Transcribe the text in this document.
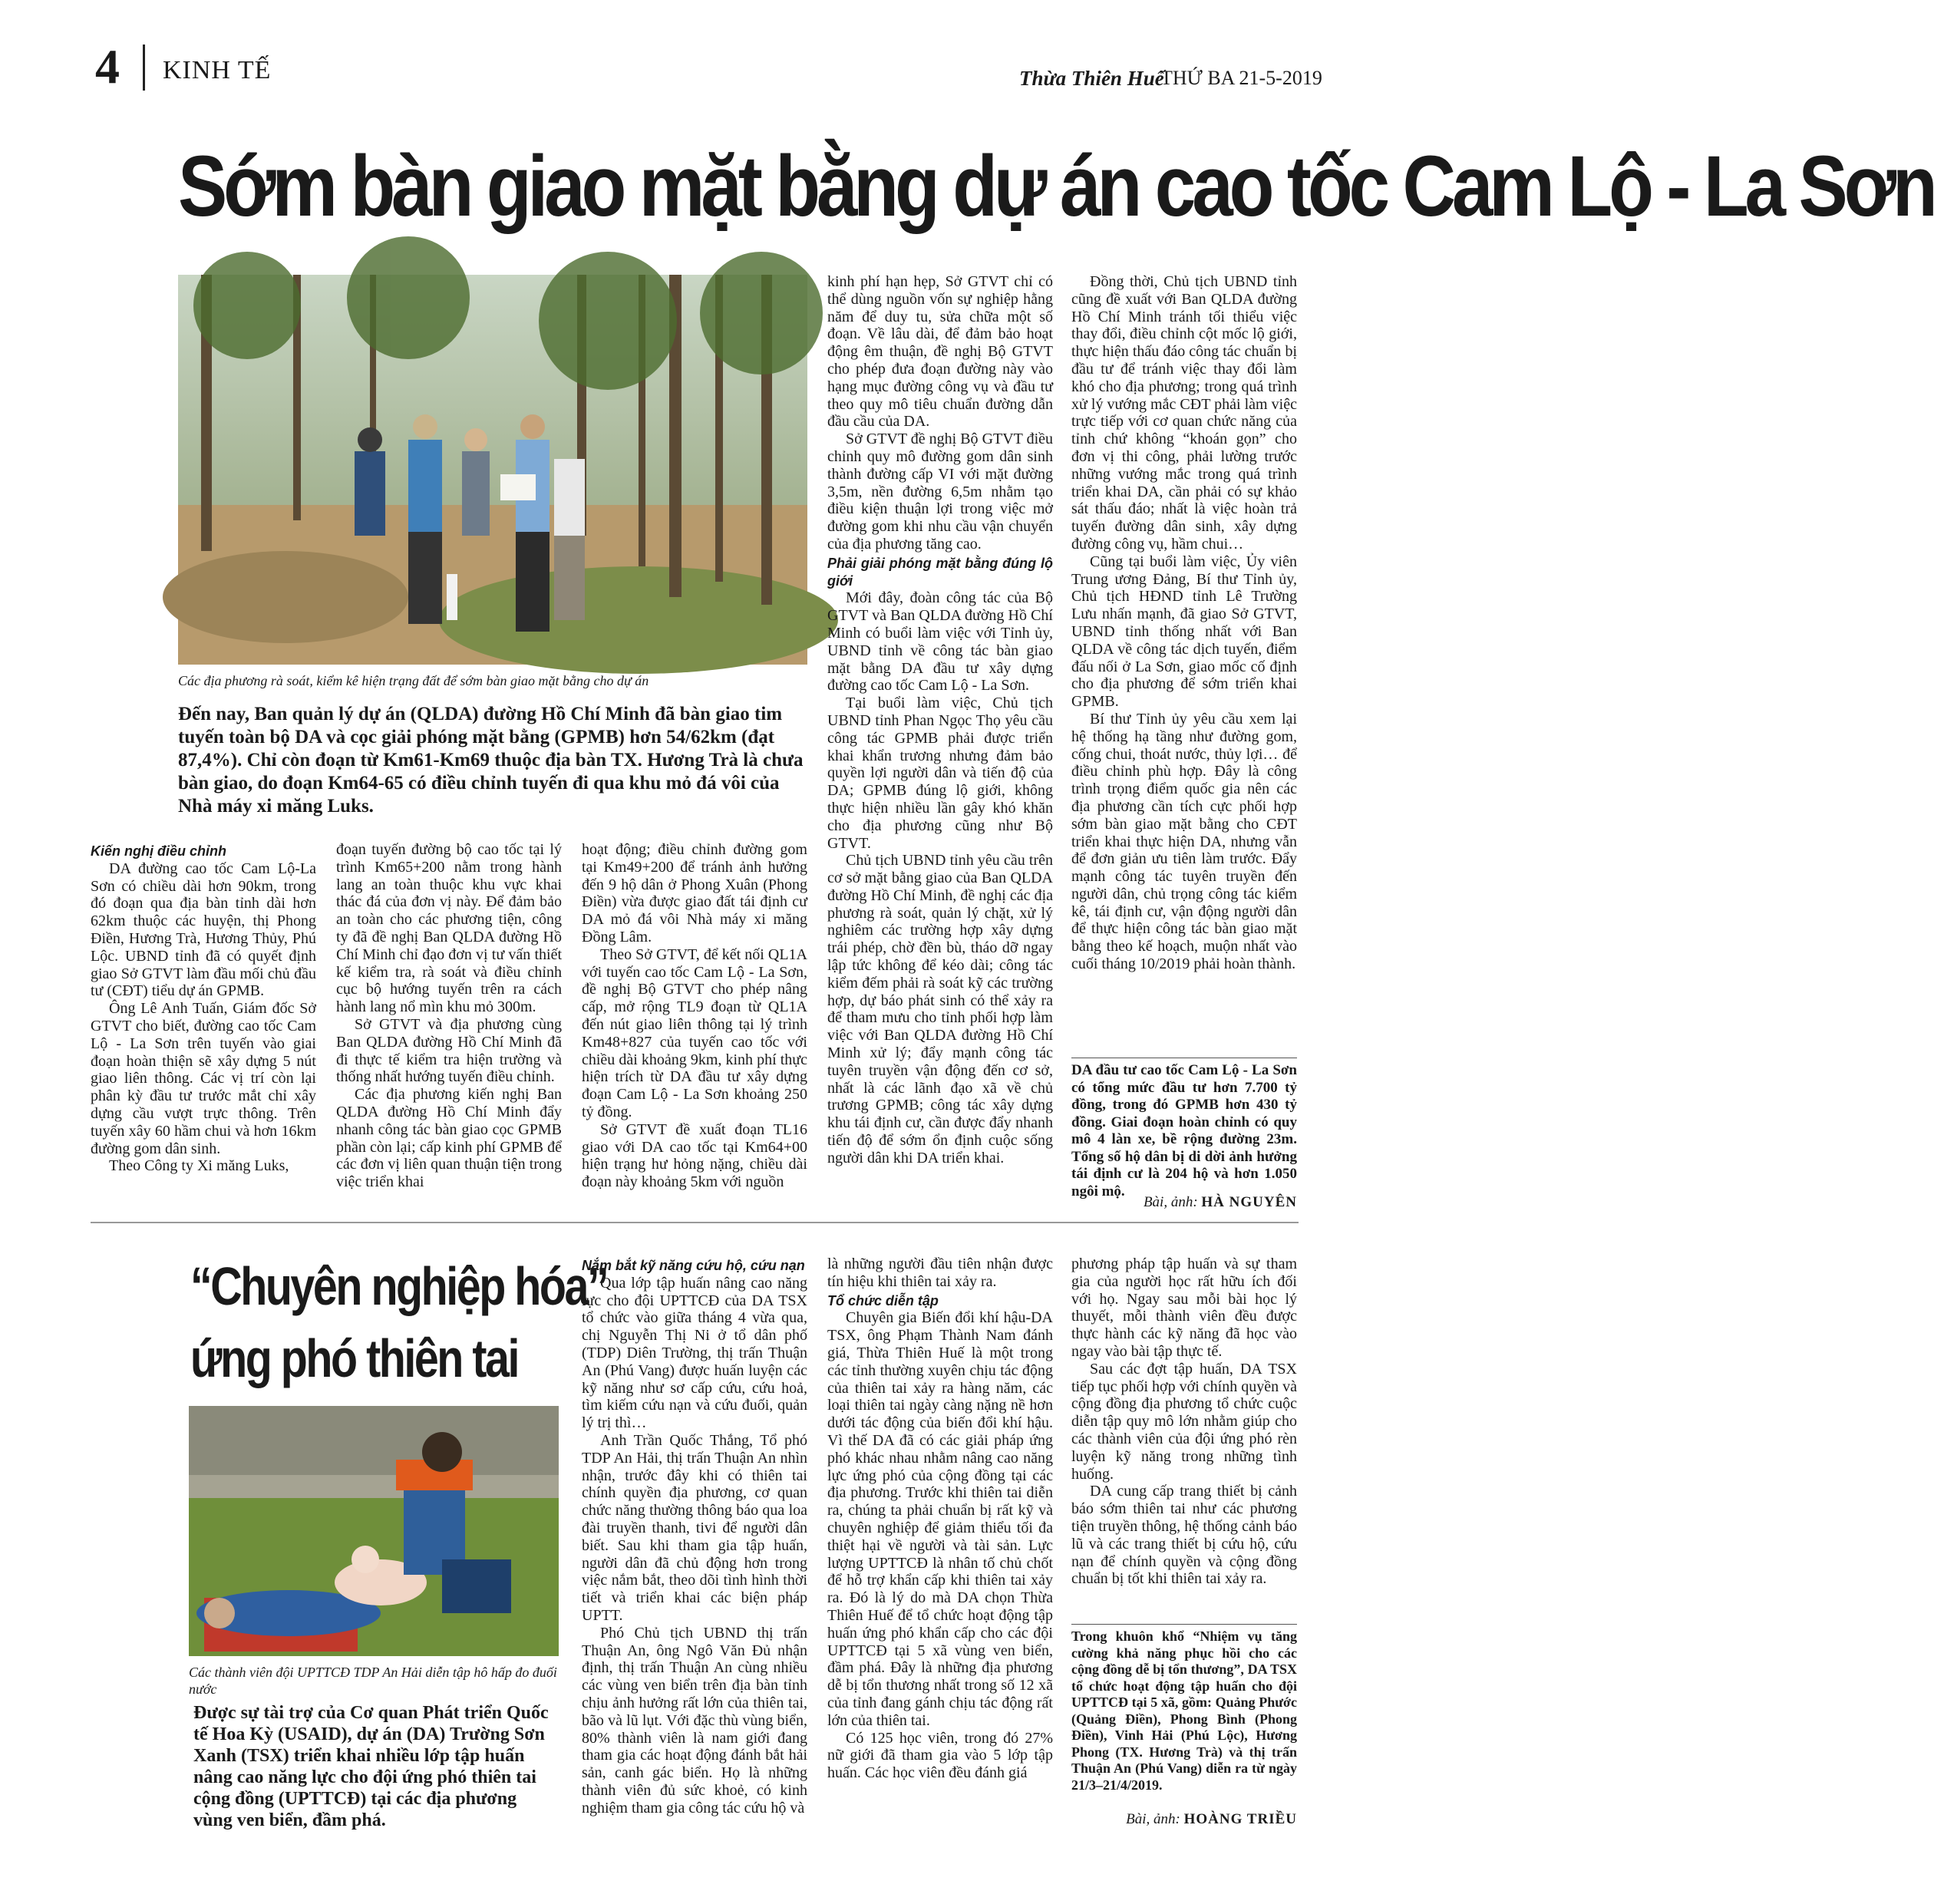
4 KINH TẾ	Thừa Thiên Huế
THỨ BA 21-5-2019
Sớm bàn giao mặt bằng dự án cao tốc Cam Lộ - La Sơn
Các địa phương rà soát, kiểm kê hiện trạng đất để sớm bàn giao mặt bằng cho dự án
Đến nay, Ban quản lý dự án (QLDA) đường Hồ Chí Minh đã bàn giao tim tuyến toàn bộ DA và cọc giải phóng mặt bằng (GPMB) hơn 54/62km (đạt 87,4%). Chỉ còn đoạn từ Km61-Km69 thuộc địa bàn TX. Hương Trà là chưa bàn giao, do đoạn Km64-65 có điều chỉnh tuyến đi qua khu mỏ đá vôi của Nhà máy xi măng Luks.

Kiến nghị điều chỉnh

DA đường cao tốc Cam Lộ-La Sơn có chiều dài hơn 90km, trong đó đoạn qua địa bàn tỉnh dài hơn 62km thuộc các huyện, thị Phong Điền, Hương Trà, Hương Thủy, Phú Lộc. UBND tỉnh đã có quyết định giao Sở GTVT làm đầu mối chủ đầu tư (CĐT) tiểu dự án GPMB.

Ông Lê Anh Tuấn, Giám đốc Sở GTVT cho biết, đường cao tốc Cam Lộ - La Sơn trên tuyến vào giai đoạn hoàn thiện sẽ xây dựng 5 nút giao liên thông. Các vị trí còn lại phân kỳ đầu tư trước mắt chỉ xây dựng cầu vượt trực thông. Trên tuyến xây 60 hầm chui và hơn 16km đường gom dân sinh.

Theo Công ty Xi măng Luks,

đoạn tuyến đường bộ cao tốc tại lý trình Km65+200 nằm trong hành lang an toàn thuộc khu vực khai thác đá của đơn vị này. Để đảm bảo an toàn cho các phương tiện, công ty đã đề nghị Ban QLDA đường Hồ Chí Minh chỉ đạo đơn vị tư vấn thiết kế kiểm tra, rà soát và điều chỉnh cục bộ hướng tuyến trên ra cách hành lang nổ mìn khu mỏ 300m.

Sở GTVT và địa phương cùng Ban QLDA đường Hồ Chí Minh đã đi thực tế kiểm tra hiện trường và thống nhất hướng tuyến điều chỉnh.

Các địa phương kiến nghị Ban QLDA đường Hồ Chí Minh đẩy nhanh công tác bàn giao cọc GPMB phần còn lại; cấp kinh phí GPMB để các đơn vị liên quan thuận tiện trong việc triển khai

hoạt động; điều chỉnh đường gom tại Km49+200 để tránh ảnh hưởng đến 9 hộ dân ở Phong Xuân (Phong Điền) vừa được giao đất tái định cư DA mỏ đá vôi Nhà máy xi măng Đồng Lâm.

Theo Sở GTVT, để kết nối QL1A với tuyến cao tốc Cam Lộ - La Sơn, đề nghị Bộ GTVT cho phép nâng cấp, mở rộng TL9 đoạn từ QL1A đến nút giao liên thông tại lý trình Km48+827 của tuyến cao tốc với chiều dài khoảng 9km, kinh phí thực hiện trích từ DA đầu tư xây dựng đoạn Cam Lộ - La Sơn khoảng 250 tỷ đồng.

Sở GTVT đề xuất đoạn TL16 giao với DA cao tốc tại Km64+00 hiện trạng hư hỏng nặng, chiều dài đoạn này khoảng 5km với nguồn

kinh phí hạn hẹp, Sở GTVT chỉ có thể dùng nguồn vốn sự nghiệp hằng năm để duy tu, sửa chữa một số đoạn. Về lâu dài, để đảm bảo hoạt động êm thuận, đề nghị Bộ GTVT cho phép đưa đoạn đường này vào hạng mục đường công vụ và đầu tư theo quy mô tiêu chuẩn đường dẫn đầu cầu của DA.

Sở GTVT đề nghị Bộ GTVT điều chỉnh quy mô đường gom dân sinh thành đường cấp VI với mặt đường 3,5m, nền đường 6,5m nhằm tạo điều kiện thuận lợi trong việc mở đường gom khi nhu cầu vận chuyển của địa phương tăng cao.

Phải giải phóng mặt bằng đúng lộ giới

Mới đây, đoàn công tác của Bộ GTVT và Ban QLDA đường Hồ Chí Minh có buổi làm việc với Tỉnh ủy, UBND tỉnh về công tác bàn giao mặt bằng DA đầu tư xây dựng đường cao tốc Cam Lộ - La Sơn.

Tại buổi làm việc, Chủ tịch UBND tỉnh Phan Ngọc Thọ yêu cầu công tác GPMB phải được triển khai khẩn trương nhưng đảm bảo quyền lợi người dân và tiến độ của DA; GPMB đúng lộ giới, không thực hiện nhiều lần gây khó khăn cho địa phương cũng như Bộ GTVT.

Chủ tịch UBND tỉnh yêu cầu trên cơ sở mặt bằng giao của Ban QLDA đường Hồ Chí Minh, đề nghị các địa phương rà soát, quản lý chặt, xử lý nghiêm các trường hợp xây dựng trái phép, chờ đền bù, tháo dỡ ngay lập tức không để kéo dài; công tác kiểm đếm phải rà soát kỹ các trường hợp, dự báo phát sinh có thể xảy ra để tham mưu cho tỉnh phối hợp làm việc với Ban QLDA đường Hồ Chí Minh xử lý; đẩy mạnh công tác tuyên truyền vận động đến cơ sở, nhất là các lãnh đạo xã về chủ trương GPMB; công tác xây dựng khu tái định cư, cần được đẩy nhanh tiến độ để sớm ổn định cuộc sống người dân khi DA triển khai.

Đồng thời, Chủ tịch UBND tỉnh cũng đề xuất với Ban QLDA đường Hồ Chí Minh tránh tối thiểu việc thay đổi, điều chỉnh cột mốc lộ giới, thực hiện thấu đáo công tác chuẩn bị đầu tư để tránh việc thay đổi làm khó cho địa phương; trong quá trình xử lý vướng mắc CĐT phải làm việc trực tiếp với cơ quan chức năng của tỉnh chứ không “khoán gọn” cho đơn vị thi công, phải lường trước những vướng mắc trong quá trình triển khai DA, cần phải có sự khảo sát thấu đáo; nhất là việc hoàn trả tuyến đường dân sinh, xây dựng đường công vụ, hầm chui…

Cũng tại buổi làm việc, Ủy viên Trung ương Đảng, Bí thư Tỉnh ủy, Chủ tịch HĐND tỉnh Lê Trường Lưu nhấn mạnh, đã giao Sở GTVT, UBND tỉnh thống nhất với Ban QLDA về công tác dịch tuyến, điểm đấu nối ở La Sơn, giao mốc cố định cho địa phương để sớm triển khai GPMB.

Bí thư Tỉnh ủy yêu cầu xem lại hệ thống hạ tầng như đường gom, cống chui, thoát nước, thủy lợi… để điều chỉnh phù hợp. Đây là công trình trọng điểm quốc gia nên các địa phương cần tích cực phối hợp sớm bàn giao mặt bằng cho CĐT triển khai thực hiện DA, nhưng vẫn để đơn giản ưu tiên làm trước. Đẩy mạnh công tác tuyên truyền đến người dân, chủ trọng công tác kiểm kê, tái định cư, vận động người dân để thực hiện công tác bàn giao mặt bằng theo kế hoạch, muộn nhất vào cuối tháng 10/2019 phải hoàn thành.

DA đầu tư cao tốc Cam Lộ - La Sơn có tổng mức đầu tư hơn 7.700 tỷ đồng, trong đó GPMB hơn 430 tỷ đồng. Giai đoạn hoàn chỉnh có quy mô 4 làn xe, bề rộng đường 23m. Tổng số hộ dân bị di dời ảnh hưởng tái định cư là 204 hộ và hơn 1.050 ngôi mộ.
Bài, ảnh: HÀ NGUYÊN
“Chuyên nghiệp hóa”
ứng phó thiên tai
Các thành viên đội UPTTCĐ TDP An Hải diễn tập hô hấp đo đuối nước
Được sự tài trợ của Cơ quan Phát triển Quốc tế Hoa Kỳ (USAID), dự án (DA) Trường Sơn Xanh (TSX) triển khai nhiều lớp tập huấn nâng cao năng lực cho đội ứng phó thiên tai cộng đồng (UPTTCĐ) tại các địa phương vùng ven biển, đầm phá.

Nắm bắt kỹ năng cứu hộ, cứu nạn

Qua lớp tập huấn nâng cao năng lực cho đội UPTTCĐ của DA TSX tổ chức vào giữa tháng 4 vừa qua, chị Nguyễn Thị Ni ở tổ dân phố (TDP) Diên Trường, thị trấn Thuận An (Phú Vang) được huấn luyện các kỹ năng như sơ cấp cứu, cứu hoả, tìm kiếm cứu nạn và cứu đuối, quản lý trị thì…

Anh Trần Quốc Thắng, Tổ phó TDP An Hải, thị trấn Thuận An nhìn nhận, trước đây khi có thiên tai chính quyền địa phương, cơ quan chức năng thường thông báo qua loa đài truyền thanh, tivi để người dân biết. Sau khi tham gia tập huấn, người dân đã chủ động hơn trong việc nắm bắt, theo dõi tình hình thời tiết và triển khai các biện pháp UPTT.

Phó Chủ tịch UBND thị trấn Thuận An, ông Ngô Văn Đủ nhận định, thị trấn Thuận An cùng nhiều các vùng ven biển trên địa bàn tỉnh chịu ảnh hưởng rất lớn của thiên tai, bão và lũ lụt. Với đặc thù vùng biển, 80% thành viên là nam giới đang tham gia các hoạt động đánh bắt hải sản, canh gác biển. Họ là những thành viên đủ sức khoẻ, có kinh nghiệm tham gia công tác cứu hộ và

là những người đầu tiên nhận được tín hiệu khi thiên tai xảy ra.

Tổ chức diễn tập

Chuyên gia Biến đổi khí hậu-DA TSX, ông Phạm Thành Nam đánh giá, Thừa Thiên Huế là một trong các tỉnh thường xuyên chịu tác động của thiên tai xảy ra hàng năm, các loại thiên tai ngày càng nặng nề hơn dưới tác động của biến đổi khí hậu. Vì thế DA đã có các giải pháp ứng phó khác nhau nhằm nâng cao năng lực ứng phó của cộng đồng tại các địa phương. Trước khi thiên tai diễn ra, chúng ta phải chuẩn bị rất kỹ và chuyên nghiệp để giảm thiểu tối đa thiệt hại về người và tài sản. Lực lượng UPTTCĐ là nhân tố chủ chốt để hỗ trợ khẩn cấp khi thiên tai xảy ra. Đó là lý do mà DA chọn Thừa Thiên Huế để tổ chức hoạt động tập huấn ứng phó khẩn cấp cho các đội UPTTCĐ tại 5 xã vùng ven biển, đầm phá. Đây là những địa phương dễ bị tổn thương nhất trong số 12 xã của tỉnh đang gánh chịu tác động rất lớn của thiên tai.

Có 125 học viên, trong đó 27% nữ giới đã tham gia vào 5 lớp tập huấn. Các học viên đều đánh giá

phương pháp tập huấn và sự tham gia của người học rất hữu ích đối với họ. Ngay sau mỗi bài học lý thuyết, mỗi thành viên đều được thực hành các kỹ năng đã học vào ngay vào bài tập thực tế.

Sau các đợt tập huấn, DA TSX tiếp tục phối hợp với chính quyền và cộng đồng địa phương tổ chức cuộc diễn tập quy mô lớn nhằm giúp cho các thành viên của đội ứng phó rèn luyện kỹ năng trong những tình huống.

DA cung cấp trang thiết bị cảnh báo sớm thiên tai như các phương tiện truyền thông, hệ thống cảnh báo lũ và các trang thiết bị cứu hộ, cứu nạn để chính quyền và cộng đồng chuẩn bị tốt khi thiên tai xảy ra.

Trong khuôn khổ “Nhiệm vụ tăng cường khả năng phục hồi cho các cộng đồng dễ bị tổn thương”, DA TSX tổ chức hoạt động tập huấn cho đội UPTTCĐ tại 5 xã, gồm: Quảng Phước (Quảng Điền), Phong Bình (Phong Điền), Vinh Hải (Phú Lộc), Hương Phong (TX. Hương Trà) và thị trấn Thuận An (Phú Vang) diễn ra từ ngày 21/3–21/4/2019.
Bài, ảnh: HOÀNG TRIỀU
